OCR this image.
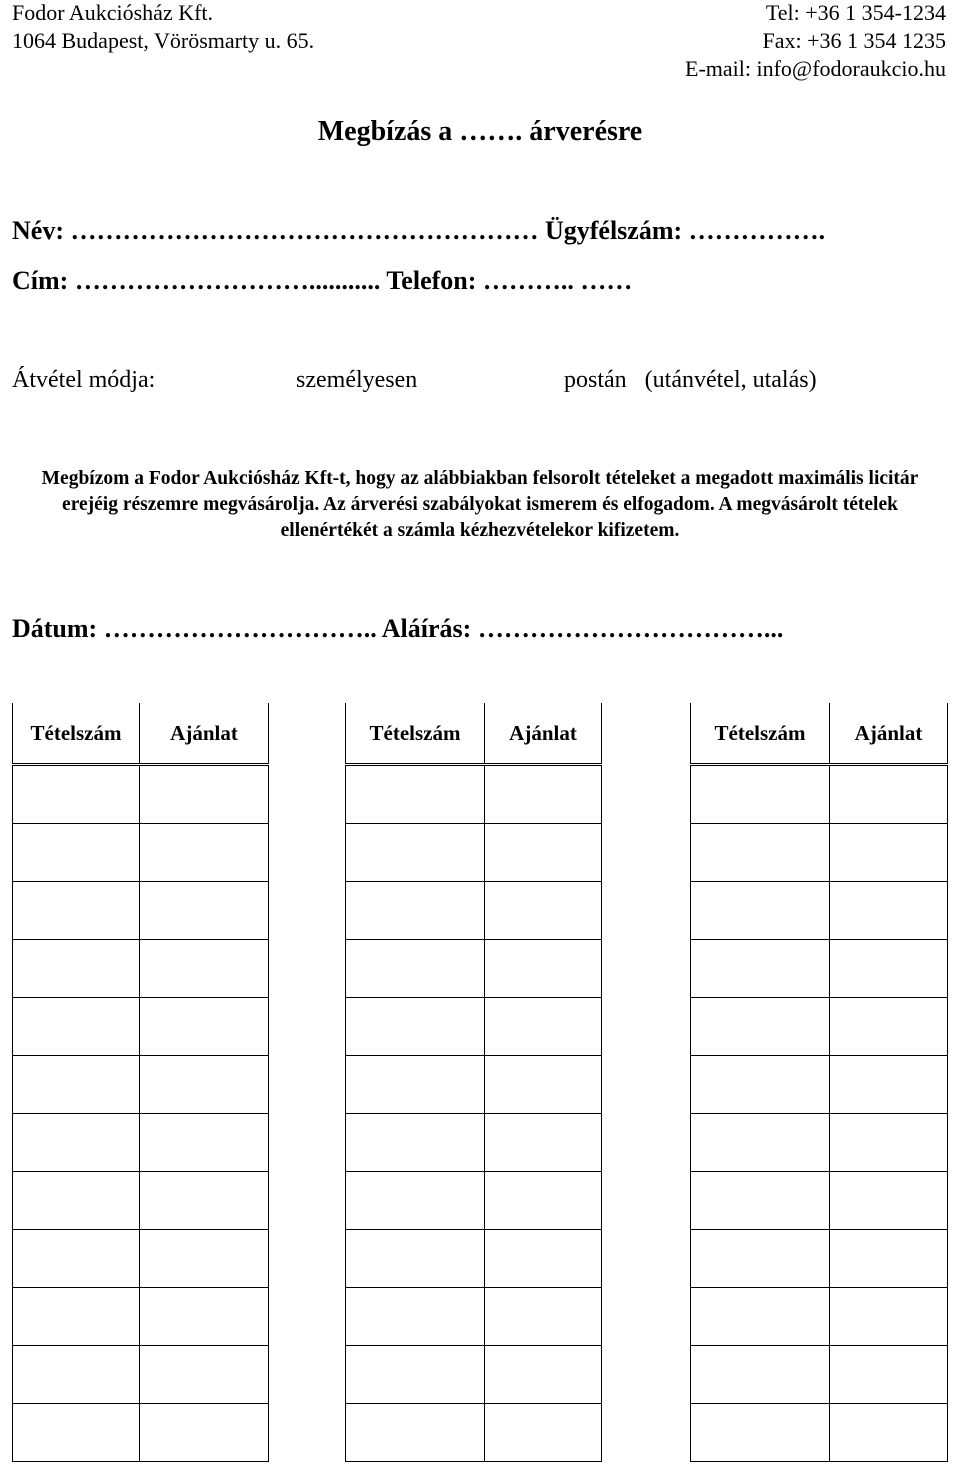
Fodor Aukciósház Kft.
1064 Budapest, Vörösmarty u. 65.
Tel: +36 1 354-1234
Fax: +36 1 354 1235
E-mail: info@fodoraukcio.hu
Megbízás a ……. árverésre
Név: ……………………………………………… Ügyfélszám: …………….
Cím: ………………………........... Telefon: ……….. ……
Átvétel módja:	személyesen	postán   (utánvétel, utalás)
Megbízom a Fodor Aukciósház Kft-t, hogy az alábbiakban felsorolt tételeket a megadott maximális licitár erejéig részemre megvásárolja. Az árverési szabályokat ismerem és elfogadom. A megvásárolt tételek ellenértékét a számla kézhezvételekor kifizetem.
Dátum: ………………………….. Aláírás: ……………………………...
Tételszám	Ajánlat

		Tételszám	Ajánlat

		Tételszám	Ajánlat
